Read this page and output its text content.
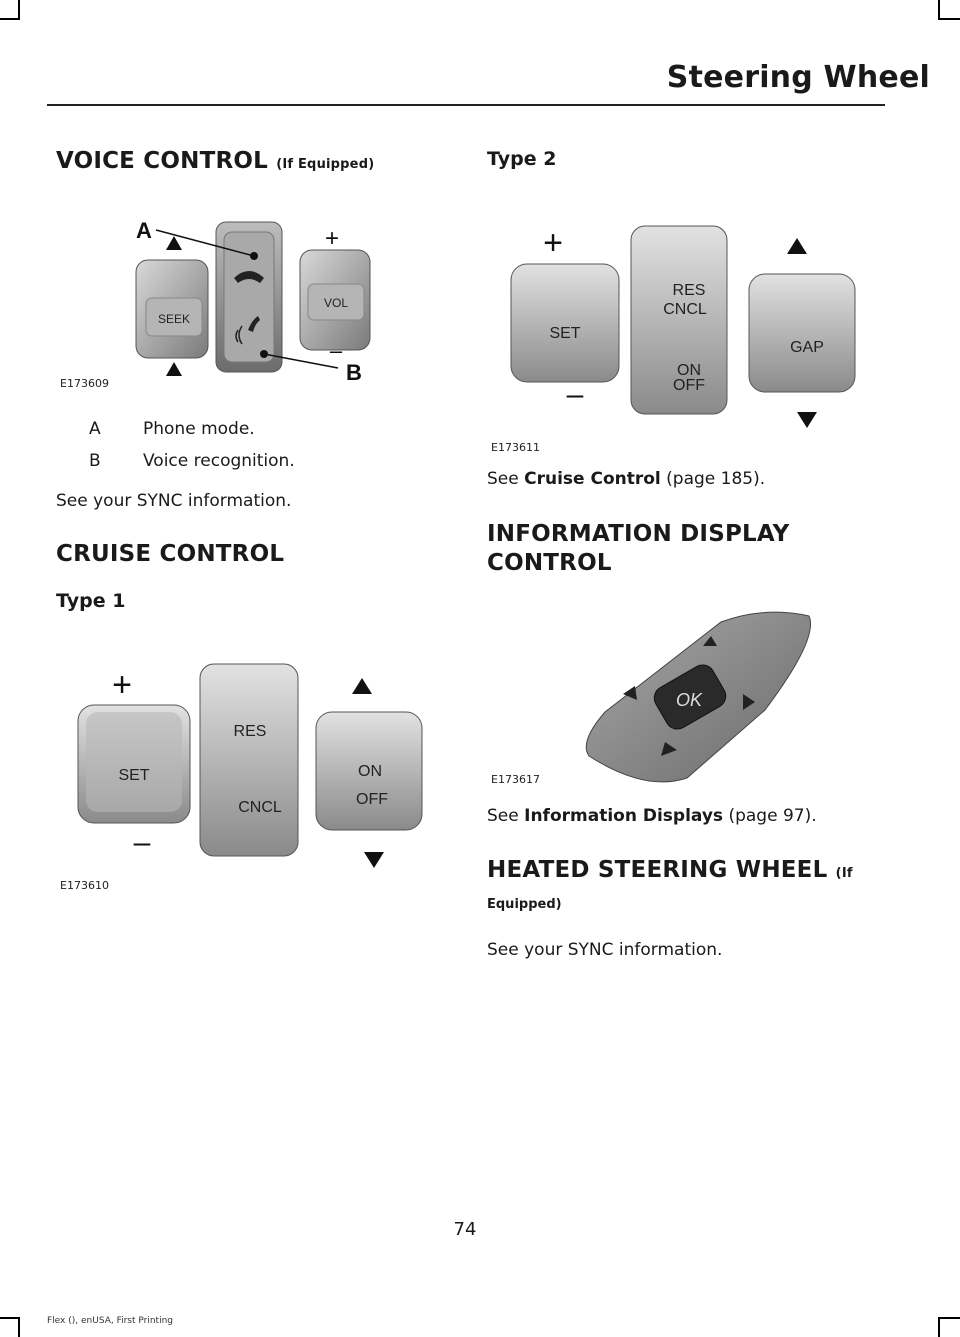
Steering Wheel
VOICE CONTROL (If Equipped)
SEEK
VOL
+
–
A
B
E173609
A Phone mode.
B Voice recognition.
See your SYNC information.
CRUISE CONTROL
Type 1
+
SET
–
RES
CNCL
ON
OFF
E173610
Type 2
+
SET
–
RES
CNCL
ON
OFF
GAP
E173611
See Cruise Control (page 185).
INFORMATION DISPLAY
CONTROL
OK
E173617
See Information Displays (page 97).
HEATED STEERING WHEEL (If
Equipped)
See your SYNC information.
74
Flex (), enUSA, First Printing
